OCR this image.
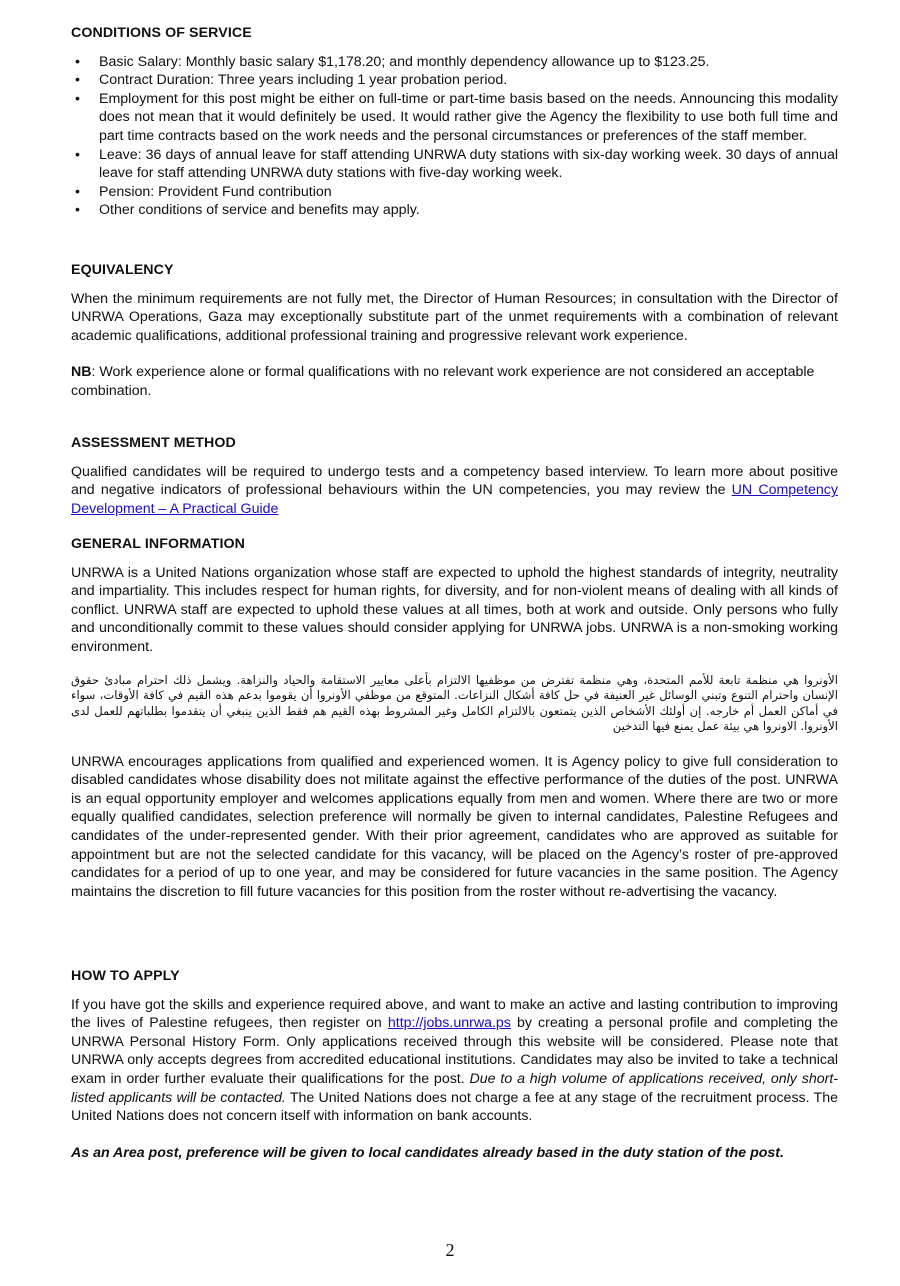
CONDITIONS OF SERVICE
• Basic Salary: Monthly basic salary $1,178.20; and monthly dependency allowance up to $123.25.
• Contract Duration: Three years including 1 year probation period.
• Employment for this post might be either on full-time or part-time basis based on the needs. Announcing this modality does not mean that it would definitely be used. It would rather give the Agency the flexibility to use both full time and part time contracts based on the work needs and the personal circumstances or preferences of the staff member.
• Leave: 36 days of annual leave for staff attending UNRWA duty stations with six-day working week. 30 days of annual leave for staff attending UNRWA duty stations with five-day working week.
• Pension: Provident Fund contribution
• Other conditions of service and benefits may apply.
EQUIVALENCY

When the minimum requirements are not fully met, the Director of Human Resources; in consultation with the Director of UNRWA Operations, Gaza may exceptionally substitute part of the unmet requirements with a combination of relevant academic qualifications, additional professional training and progressive relevant work experience.

NB: Work experience alone or formal qualifications with no relevant work experience are not considered an acceptable combination.

ASSESSMENT METHOD

Qualified candidates will be required to undergo tests and a competency based interview. To learn more about positive and negative indicators of professional behaviours within the UN competencies, you may review the UN Competency Development – A Practical Guide

GENERAL INFORMATION

UNRWA is a United Nations organization whose staff are expected to uphold the highest standards of integrity, neutrality and impartiality. This includes respect for human rights, for diversity, and for non-violent means of dealing with all kinds of conflict. UNRWA staff are expected to uphold these values at all times, both at work and outside. Only persons who fully and unconditionally commit to these values should consider applying for UNRWA jobs. UNRWA is a non-smoking working environment.

الأونروا هي منظمة تابعة للأمم المتحدة، وهي منظمة تفترض من موظفيها الالتزام بأعلى معايير الاستقامة والحياد والنزاهة. ويشمل ذلك احترام مبادئ حقوق الإنسان واحترام التنوع وتبني الوسائل غير العنيفة في حل كافة أشكال النزاعات. المتوقع من موظفي الأونروا أن يقوموا بدعم هذه القيم في كافة الأوقات، سواء في أماكن العمل أم خارجه. إن أولئك الأشخاص الذين يتمتعون بالالتزام الكامل وغير المشروط بهذه القيم هم فقط الذين ينبغي أن يتقدموا بطلباتهم للعمل لدى الأونروا. الاونروا هي بيئة عمل يمنع فيها التدخين

UNRWA encourages applications from qualified and experienced women. It is Agency policy to give full consideration to disabled candidates whose disability does not militate against the effective performance of the duties of the post. UNRWA is an equal opportunity employer and welcomes applications equally from men and women. Where there are two or more equally qualified candidates, selection preference will normally be given to internal candidates, Palestine Refugees and candidates of the under-represented gender. With their prior agreement, candidates who are approved as suitable for appointment but are not the selected candidate for this vacancy, will be placed on the Agency’s roster of pre-approved candidates for a period of up to one year, and may be considered for future vacancies in the same position. The Agency maintains the discretion to fill future vacancies for this position from the roster without re-advertising the vacancy.

HOW TO APPLY

If you have got the skills and experience required above, and want to make an active and lasting contribution to improving the lives of Palestine refugees, then register on http://jobs.unrwa.ps by creating a personal profile and completing the UNRWA Personal History Form. Only applications received through this website will be considered. Please note that UNRWA only accepts degrees from accredited educational institutions. Candidates may also be invited to take a technical exam in order further evaluate their qualifications for the post. Due to a high volume of applications received, only short-listed applicants will be contacted. The United Nations does not charge a fee at any stage of the recruitment process. The United Nations does not concern itself with information on bank accounts.

As an Area post, preference will be given to local candidates already based in the duty station of the post.

2
